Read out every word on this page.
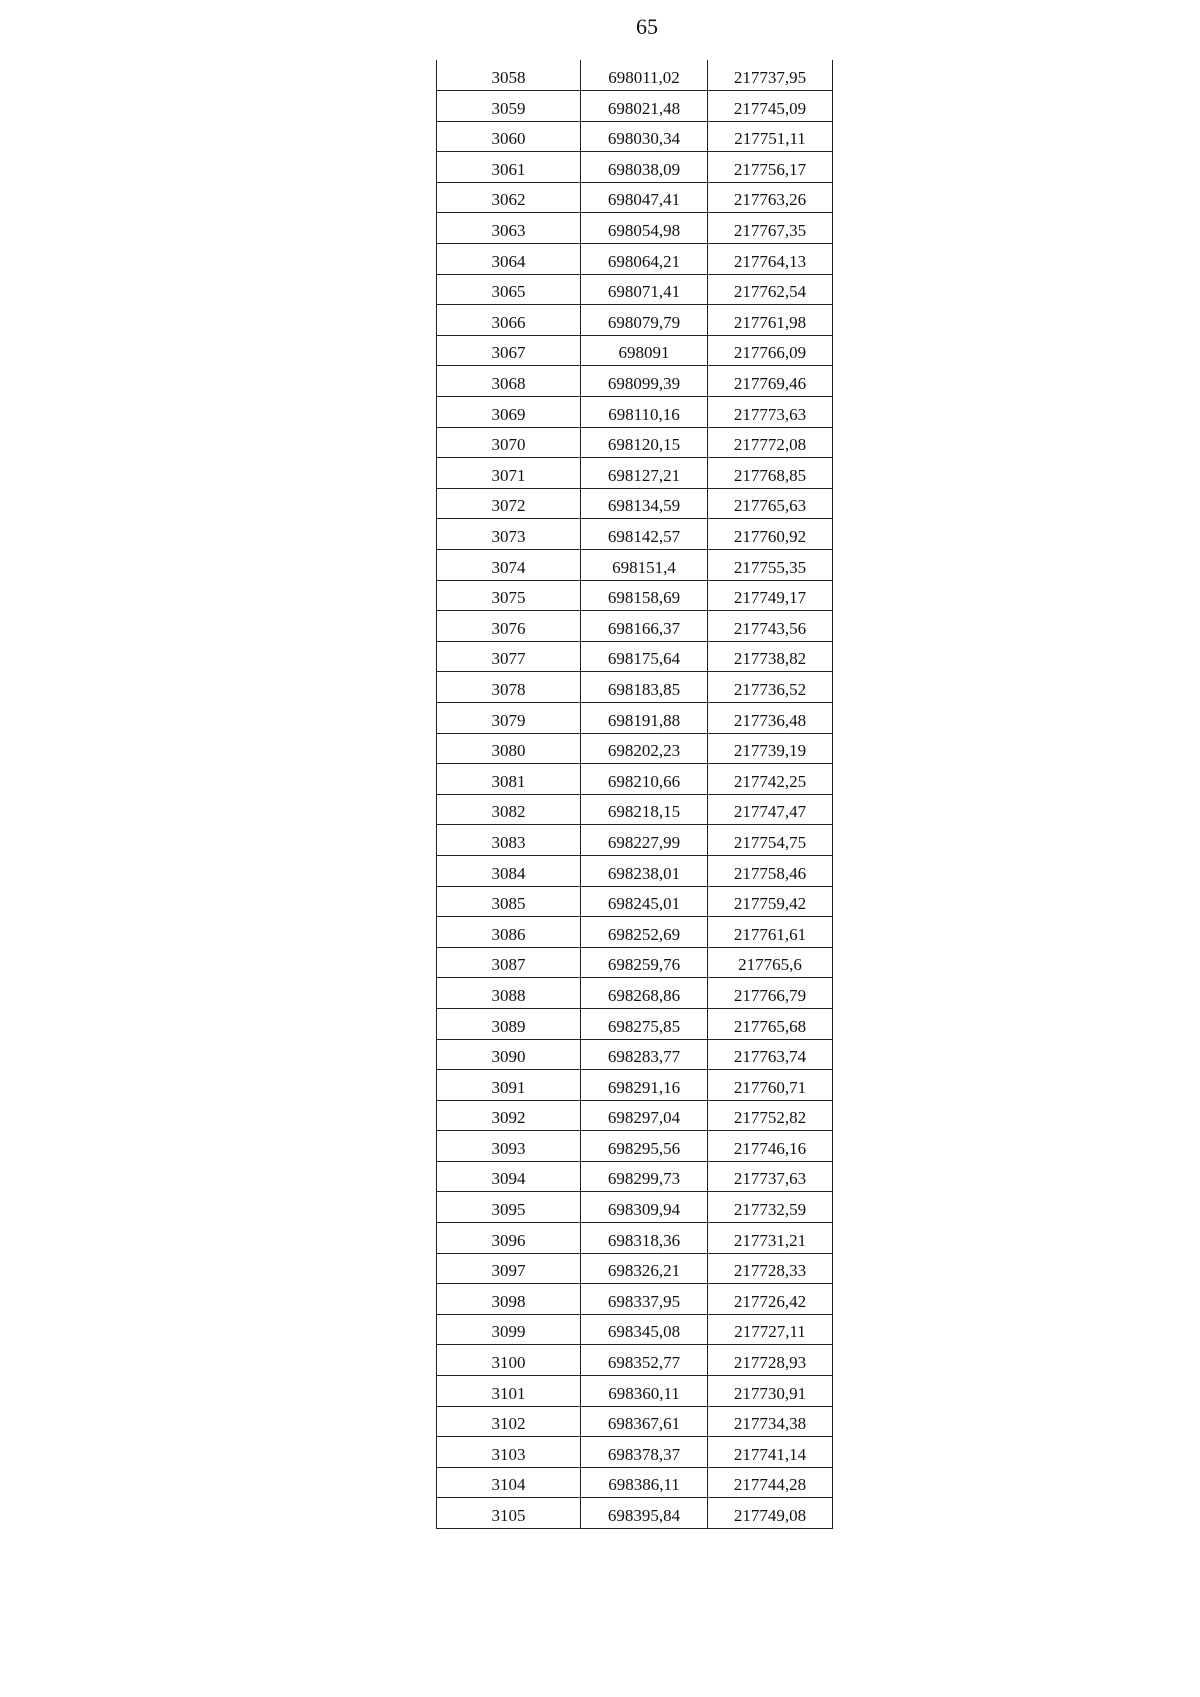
65
3058	698011,02	217737,95
3059	698021,48	217745,09
3060	698030,34	217751,11
3061	698038,09	217756,17
3062	698047,41	217763,26
3063	698054,98	217767,35
3064	698064,21	217764,13
3065	698071,41	217762,54
3066	698079,79	217761,98
3067	698091	217766,09
3068	698099,39	217769,46
3069	698110,16	217773,63
3070	698120,15	217772,08
3071	698127,21	217768,85
3072	698134,59	217765,63
3073	698142,57	217760,92
3074	698151,4	217755,35
3075	698158,69	217749,17
3076	698166,37	217743,56
3077	698175,64	217738,82
3078	698183,85	217736,52
3079	698191,88	217736,48
3080	698202,23	217739,19
3081	698210,66	217742,25
3082	698218,15	217747,47
3083	698227,99	217754,75
3084	698238,01	217758,46
3085	698245,01	217759,42
3086	698252,69	217761,61
3087	698259,76	217765,6
3088	698268,86	217766,79
3089	698275,85	217765,68
3090	698283,77	217763,74
3091	698291,16	217760,71
3092	698297,04	217752,82
3093	698295,56	217746,16
3094	698299,73	217737,63
3095	698309,94	217732,59
3096	698318,36	217731,21
3097	698326,21	217728,33
3098	698337,95	217726,42
3099	698345,08	217727,11
3100	698352,77	217728,93
3101	698360,11	217730,91
3102	698367,61	217734,38
3103	698378,37	217741,14
3104	698386,11	217744,28
3105	698395,84	217749,08
